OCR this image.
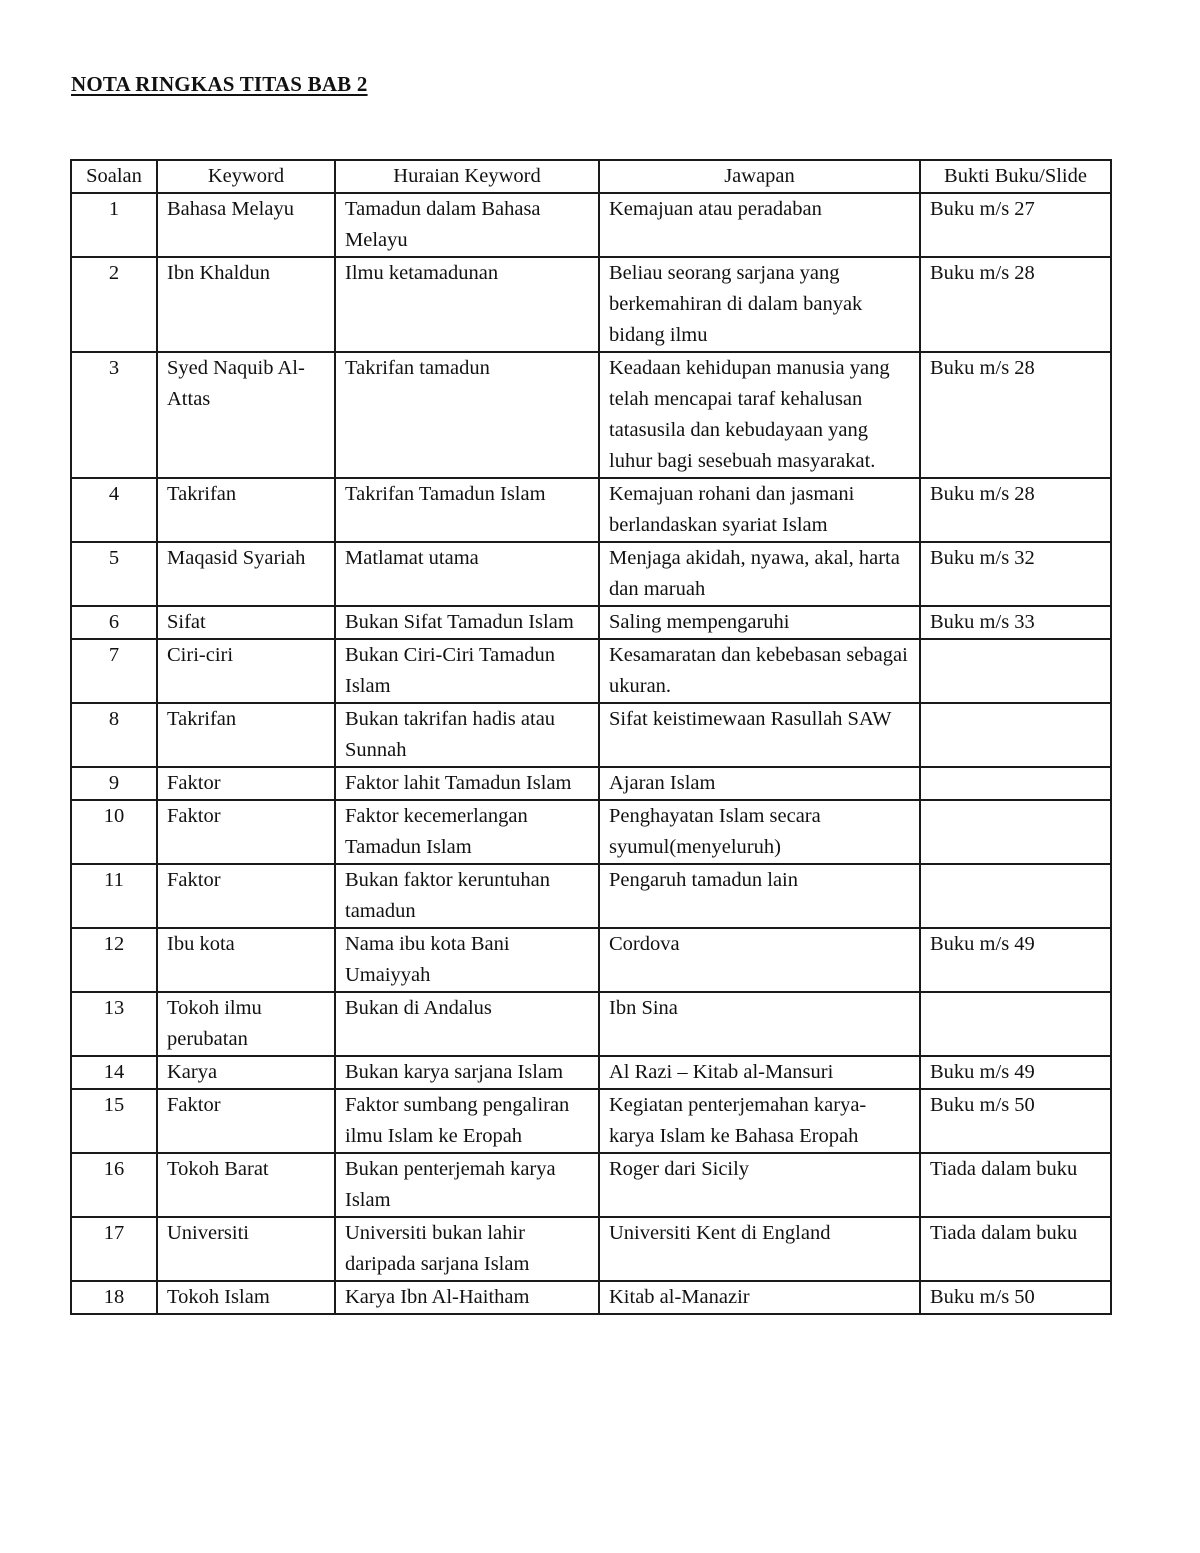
NOTA RINGKAS TITAS BAB 2
Soalan	Keyword	Huraian Keyword	Jawapan	Bukti Buku/Slide
1	Bahasa Melayu	Tamadun dalam Bahasa Melayu	Kemajuan atau peradaban	Buku m/s 27
2	Ibn Khaldun	Ilmu ketamadunan	Beliau seorang sarjana yang berkemahiran di dalam banyak bidang ilmu	Buku m/s 28
3	Syed Naquib Al-Attas	Takrifan tamadun	Keadaan kehidupan manusia yang telah mencapai taraf kehalusan tatasusila dan kebudayaan yang luhur bagi sesebuah masyarakat.	Buku m/s 28
4	Takrifan	Takrifan Tamadun Islam	Kemajuan rohani dan jasmani berlandaskan syariat Islam	Buku m/s 28
5	Maqasid Syariah	Matlamat utama	Menjaga akidah, nyawa, akal, harta dan maruah	Buku m/s 32
6	Sifat	Bukan Sifat Tamadun Islam	Saling mempengaruhi	Buku m/s 33
7	Ciri-ciri	Bukan Ciri-Ciri Tamadun Islam	Kesamaratan dan kebebasan sebagai ukuran.	
8	Takrifan	Bukan takrifan hadis atau Sunnah	Sifat keistimewaan Rasullah SAW	
9	Faktor	Faktor lahit Tamadun Islam	Ajaran Islam	
10	Faktor	Faktor kecemerlangan Tamadun Islam	Penghayatan Islam secara syumul(menyeluruh)	
11	Faktor	Bukan faktor keruntuhan tamadun	Pengaruh tamadun lain	
12	Ibu kota	Nama ibu kota Bani Umaiyyah	Cordova	Buku m/s 49
13	Tokoh ilmu perubatan	Bukan di Andalus	Ibn Sina	
14	Karya	Bukan karya sarjana Islam	Al Razi – Kitab al-Mansuri	Buku m/s 49
15	Faktor	Faktor sumbang pengaliran ilmu Islam ke Eropah	Kegiatan penterjemahan karya-karya Islam ke Bahasa Eropah	Buku m/s 50
16	Tokoh Barat	Bukan penterjemah karya Islam	Roger dari Sicily	Tiada dalam buku
17	Universiti	Universiti bukan lahir daripada sarjana Islam	Universiti Kent di England	Tiada dalam buku
18	Tokoh Islam	Karya Ibn Al-Haitham	Kitab al-Manazir	Buku m/s 50
